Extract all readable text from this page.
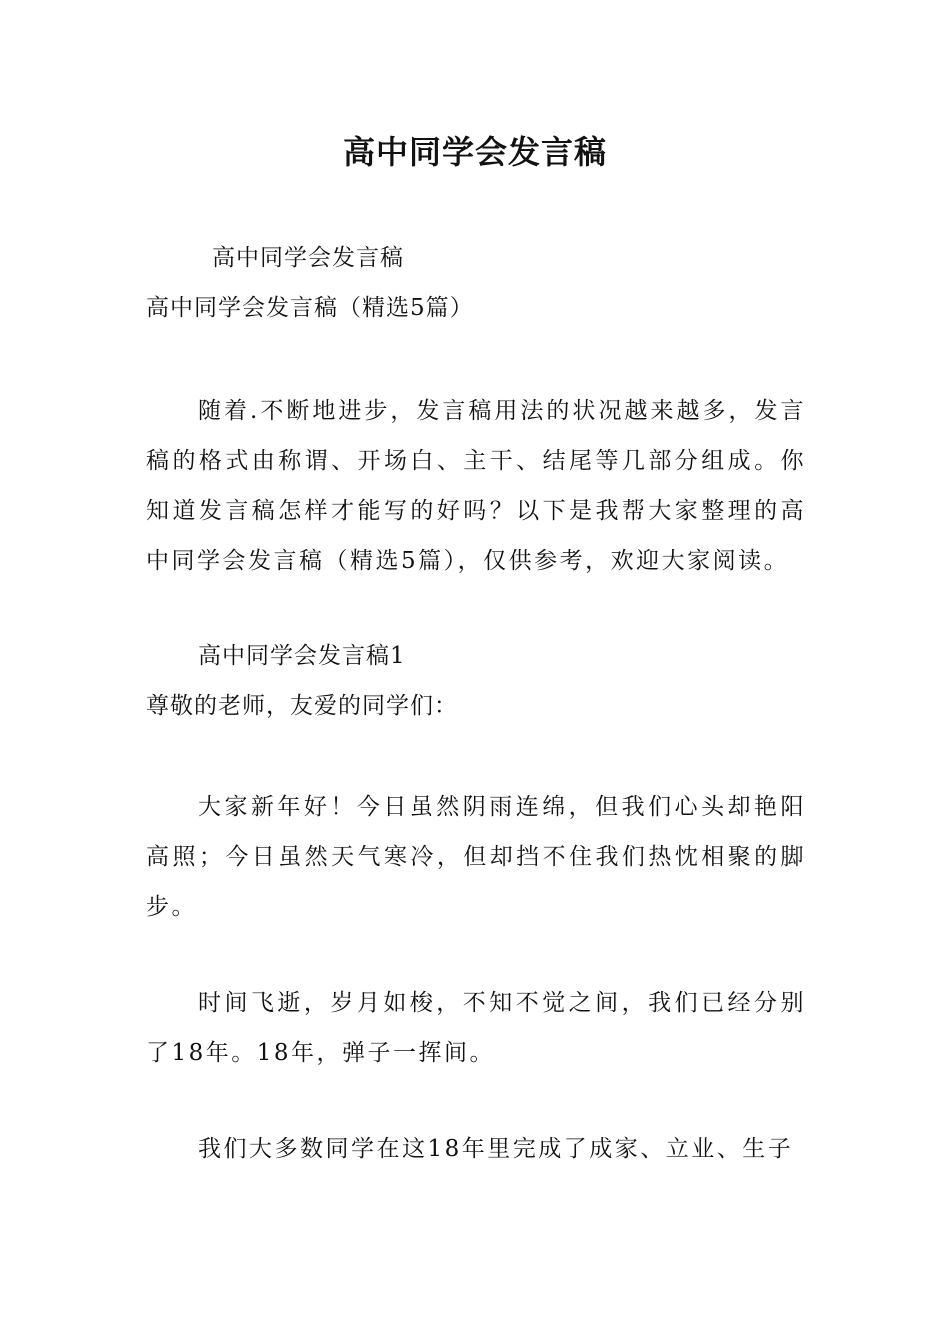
高中同学会发言稿
高中同学会发言稿
高中同学会发言稿（精选5篇）
随着.不断地进步，发言稿用法的状况越来越多，发言稿的格式由称谓、开场白、主干、结尾等几部分组成。你知道发言稿怎样才能写的好吗？以下是我帮大家整理的高中同学会发言稿（精选5篇），仅供参考，欢迎大家阅读。
高中同学会发言稿1
尊敬的老师，友爱的同学们：
大家新年好！今日虽然阴雨连绵，但我们心头却艳阳高照；今日虽然天气寒冷，但却挡不住我们热忱相聚的脚步。
时间飞逝，岁月如梭，不知不觉之间，我们已经分别了18年。18年，弹子一挥间。
我们大多数同学在这18年里完成了成家、立业、生子
